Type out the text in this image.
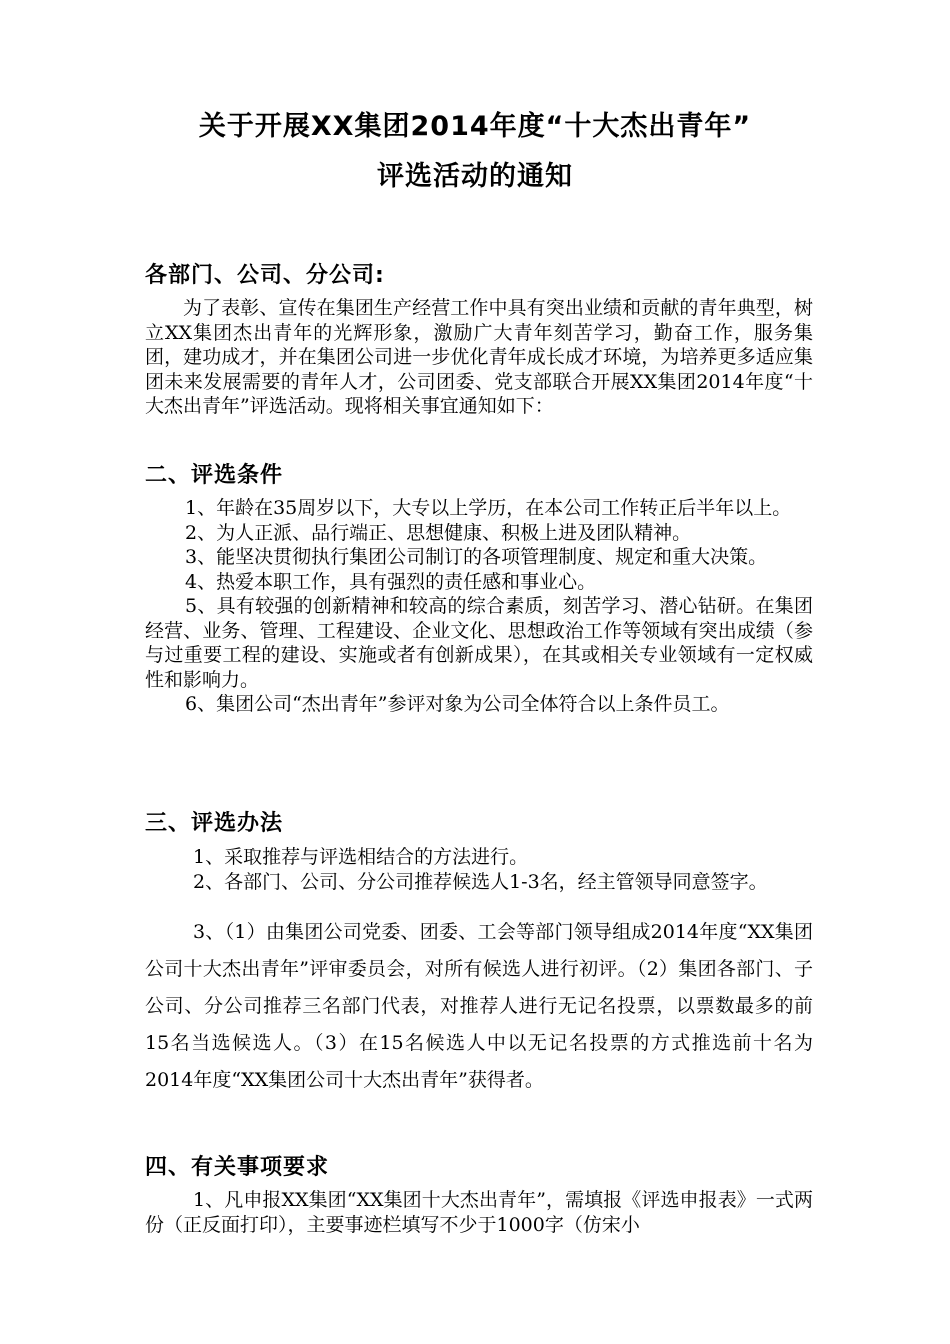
关于开展XX集团2014年度“十大杰出青年”
评选活动的通知
各部门、公司、分公司:

为了表彰、宣传在集团生产经营工作中具有突出业绩和贡献的青年典型，树立XX集团杰出青年的光辉形象，激励广大青年刻苦学习，勤奋工作，服务集团，建功成才，并在集团公司进一步优化青年成长成才环境，为培养更多适应集团未来发展需要的青年人才，公司团委、党支部联合开展XX集团2014年度“十大杰出青年”评选活动。现将相关事宜通知如下：

二、评选条件

1、年龄在35周岁以下，大专以上学历，在本公司工作转正后半年以上。

2、为人正派、品行端正、思想健康、积极上进及团队精神。

3、能坚决贯彻执行集团公司制订的各项管理制度、规定和重大决策。

4、热爱本职工作，具有强烈的责任感和事业心。

5、具有较强的创新精神和较高的综合素质，刻苦学习、潜心钻研。在集团经营、业务、管理、工程建设、企业文化、思想政治工作等领域有突出成绩（参与过重要工程的建设、实施或者有创新成果），在其或相关专业领域有一定权威性和影响力。

6、集团公司“杰出青年”参评对象为公司全体符合以上条件员工。

三、评选办法

1、采取推荐与评选相结合的方法进行。

2、各部门、公司、分公司推荐候选人1-3名，经主管领导同意签字。

3、（1）由集团公司党委、团委、工会等部门领导组成2014年度“XX集团公司十大杰出青年”评审委员会，对所有候选人进行初评。（2）集团各部门、子公司、分公司推荐三名部门代表，对推荐人进行无记名投票，以票数最多的前15名当选候选人。（3）在15名候选人中以无记名投票的方式推选前十名为2014年度“XX集团公司十大杰出青年”获得者。

四、有关事项要求

1、凡申报XX集团“XX集团十大杰出青年”，需填报《评选申报表》一式两份（正反面打印），主要事迹栏填写不少于1000字（仿宋小
